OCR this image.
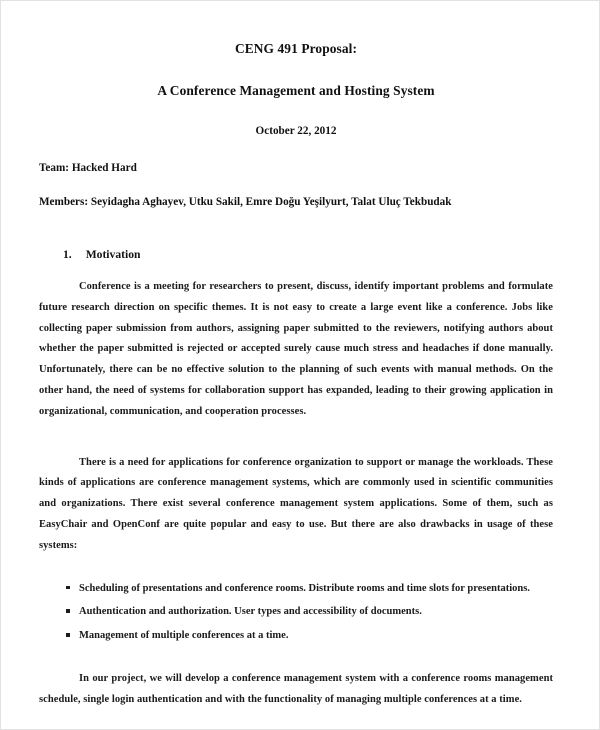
CENG 491 Proposal:
A Conference Management and Hosting System
October 22, 2012
Team: Hacked Hard
Members: Seyidagha Aghayev, Utku Sakil, Emre Doğu Yeşilyurt, Talat Uluç Tekbudak
1. Motivation

Conference is a meeting for researchers to present, discuss, identify important problems and formulate future research direction on specific themes. It is not easy to create a large event like a conference. Jobs like collecting paper submission from authors, assigning paper submitted to the reviewers, notifying authors about whether the paper submitted is rejected or accepted surely cause much stress and headaches if done manually. Unfortunately, there can be no effective solution to the planning of such events with manual methods. On the other hand, the need of systems for collaboration support has expanded, leading to their growing application in organizational, communication, and cooperation processes.

There is a need for applications for conference organization to support or manage the workloads. These kinds of applications are conference management systems, which are commonly used in scientific communities and organizations. There exist several conference management system applications. Some of them, such as EasyChair and OpenConf are quite popular and easy to use. But there are also drawbacks in usage of these systems:

Scheduling of presentations and conference rooms. Distribute rooms and time slots for presentations.
Authentication and authorization. User types and accessibility of documents.
Management of multiple conferences at a time.

In our project, we will develop a conference management system with a conference rooms management schedule, single login authentication and with the functionality of managing multiple conferences at a time.
